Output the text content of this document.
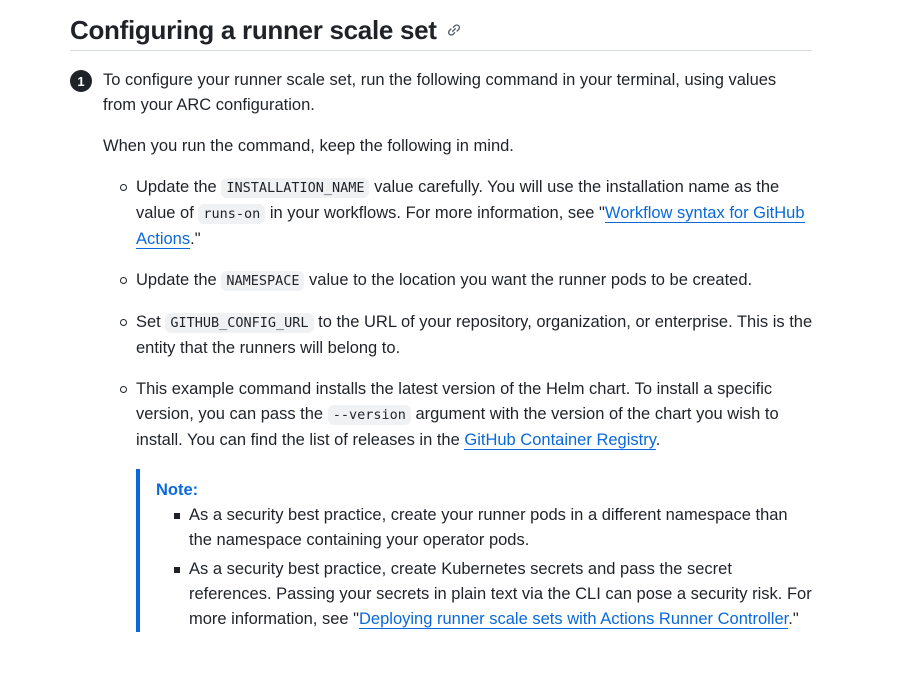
Configuring a runner scale set
1 To configure your runner scale set, run the following command in your terminal, using values from your ARC configuration.

When you run the command, keep the following in mind.

Update the INSTALLATION_NAME value carefully. You will use the installation name as the value of runs-on in your workflows. For more information, see "Workflow syntax for GitHub Actions."
Update the NAMESPACE value to the location you want the runner pods to be created.
Set GITHUB_CONFIG_URL to the URL of your repository, organization, or enterprise. This is the entity that the runners will belong to.
This example command installs the latest version of the Helm chart. To install a specific version, you can pass the --version argument with the version of the chart you wish to install. You can find the list of releases in the GitHub Container Registry.

Note:

As a security best practice, create your runner pods in a different namespace than the namespace containing your operator pods.
As a security best practice, create Kubernetes secrets and pass the secret references. Passing your secrets in plain text via the CLI can pose a security risk. For more information, see "Deploying runner scale sets with Actions Runner Controller."
